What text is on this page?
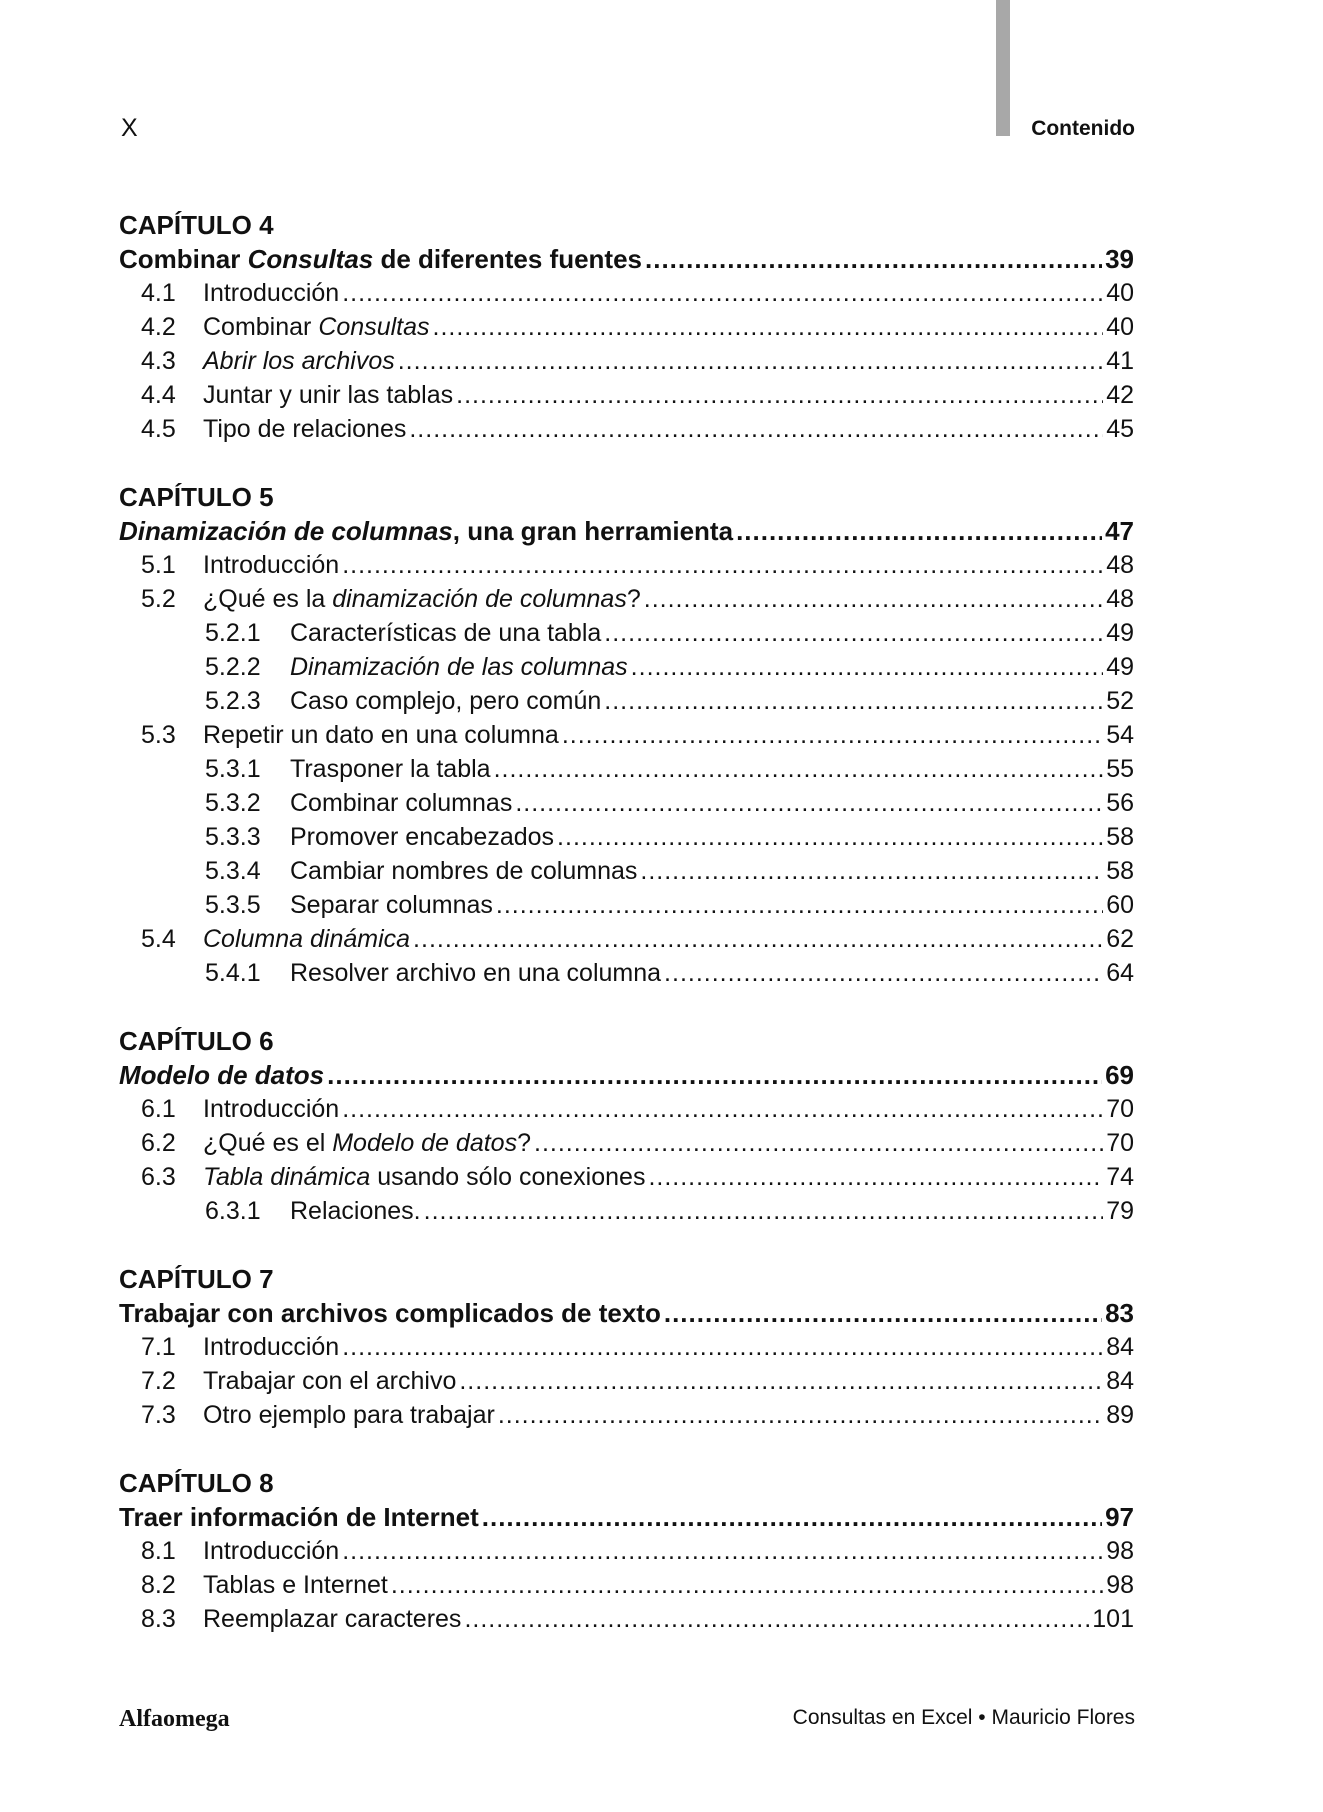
X	Contenido
CAPÍTULO 4
Combinar Consultas de diferentes fuentes .....	39
4.1	Introducción .....	40
4.2	Combinar Consultas .....	40
4.3	Abrir los archivos .....	41
4.4	Juntar y unir las tablas .....	42
4.5	Tipo de relaciones .....	45
CAPÍTULO 5
Dinamización de columnas, una gran herramienta .....	47
5.1	Introducción .....	48
5.2	¿Qué es la dinamización de columnas? .....	48
5.2.1	Características de una tabla .....	49
5.2.2	Dinamización de las columnas .....	49
5.2.3	Caso complejo, pero común .....	52
5.3	Repetir un dato en una columna .....	54
5.3.1	Trasponer la tabla .....	55
5.3.2	Combinar columnas .....	56
5.3.3	Promover encabezados .....	58
5.3.4	Cambiar nombres de columnas .....	58
5.3.5	Separar columnas .....	60
5.4	Columna dinámica .....	62
5.4.1	Resolver archivo en una columna .....	64
CAPÍTULO 6
Modelo de datos .....	69
6.1	Introducción .....	70
6.2	¿Qué es el Modelo de datos? .....	70
6.3	Tabla dinámica usando sólo conexiones .....	74
6.3.1	Relaciones. .....	79
CAPÍTULO 7
Trabajar con archivos complicados de texto .....	83
7.1	Introducción .....	84
7.2	Trabajar con el archivo .....	84
7.3	Otro ejemplo para trabajar .....	89
CAPÍTULO 8
Traer información de Internet .....	97
8.1	Introducción .....	98
8.2	Tablas e Internet .....	98
8.3	Reemplazar caracteres .....	101
Alfaomega	Consultas en Excel • Mauricio Flores
